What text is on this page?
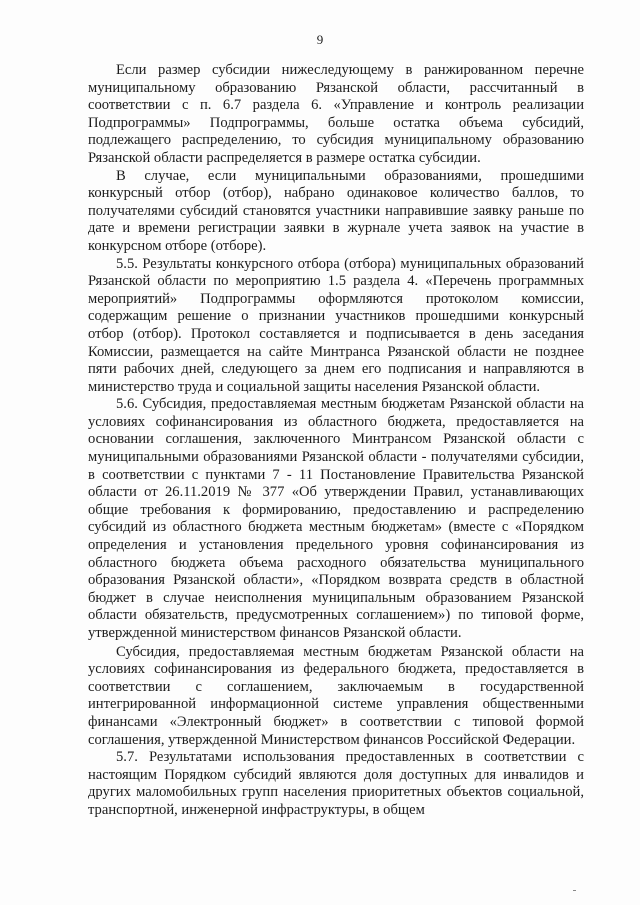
9

Если размер субсидии нижеследующему в ранжированном перечне муниципальному образованию Рязанской области, рассчитанный в соответствии с п. 6.7 раздела 6. «Управление и контроль реализации Подпрограммы» Подпрограммы, больше остатка объема субсидий, подлежащего распределению, то субсидия муниципальному образованию Рязанской области распределяется в размере остатка субсидии.

В случае, если муниципальными образованиями, прошедшими конкурсный отбор (отбор), набрано одинаковое количество баллов, то получателями субсидий становятся участники направившие заявку раньше по дате и времени регистрации заявки в журнале учета заявок на участие в конкурсном отборе (отборе).

5.5. Результаты конкурсного отбора (отбора) муниципальных образований Рязанской области по мероприятию 1.5 раздела 4. «Перечень программных мероприятий» Подпрограммы оформляются протоколом комиссии, содержащим решение о признании участников прошедшими конкурсный отбор (отбор). Протокол составляется и подписывается в день заседания Комиссии, размещается на сайте Минтранса Рязанской области не позднее пяти рабочих дней, следующего за днем его подписания и направляются в министерство труда и социальной защиты населения Рязанской области.

5.6. Субсидия, предоставляемая местным бюджетам Рязанской области на условиях софинансирования из областного бюджета, предоставляется на основании соглашения, заключенного Минтрансом Рязанской области с муниципальными образованиями Рязанской области - получателями субсидии, в соответствии с пунктами 7 - 11 Постановление Правительства Рязанской области от 26.11.2019 № 377 «Об утверждении Правил, устанавливающих общие требования к формированию, предоставлению и распределению субсидий из областного бюджета местным бюджетам» (вместе с «Порядком определения и установления предельного уровня софинансирования из областного бюджета объема расходного обязательства муниципального образования Рязанской области», «Порядком возврата средств в областной бюджет в случае неисполнения муниципальным образованием Рязанской области обязательств, предусмотренных соглашением») по типовой форме, утвержденной министерством финансов Рязанской области.

Субсидия, предоставляемая местным бюджетам Рязанской области на условиях софинансирования из федерального бюджета, предоставляется в соответствии с соглашением, заключаемым в государственной интегрированной информационной системе управления общественными финансами «Электронный бюджет» в соответствии с типовой формой соглашения, утвержденной Министерством финансов Российской Федерации.

5.7. Результатами использования предоставленных в соответствии с настоящим Порядком субсидий являются доля доступных для инвалидов и других маломобильных групп населения приоритетных объектов социальной, транспортной, инженерной инфраструктуры, в общем
